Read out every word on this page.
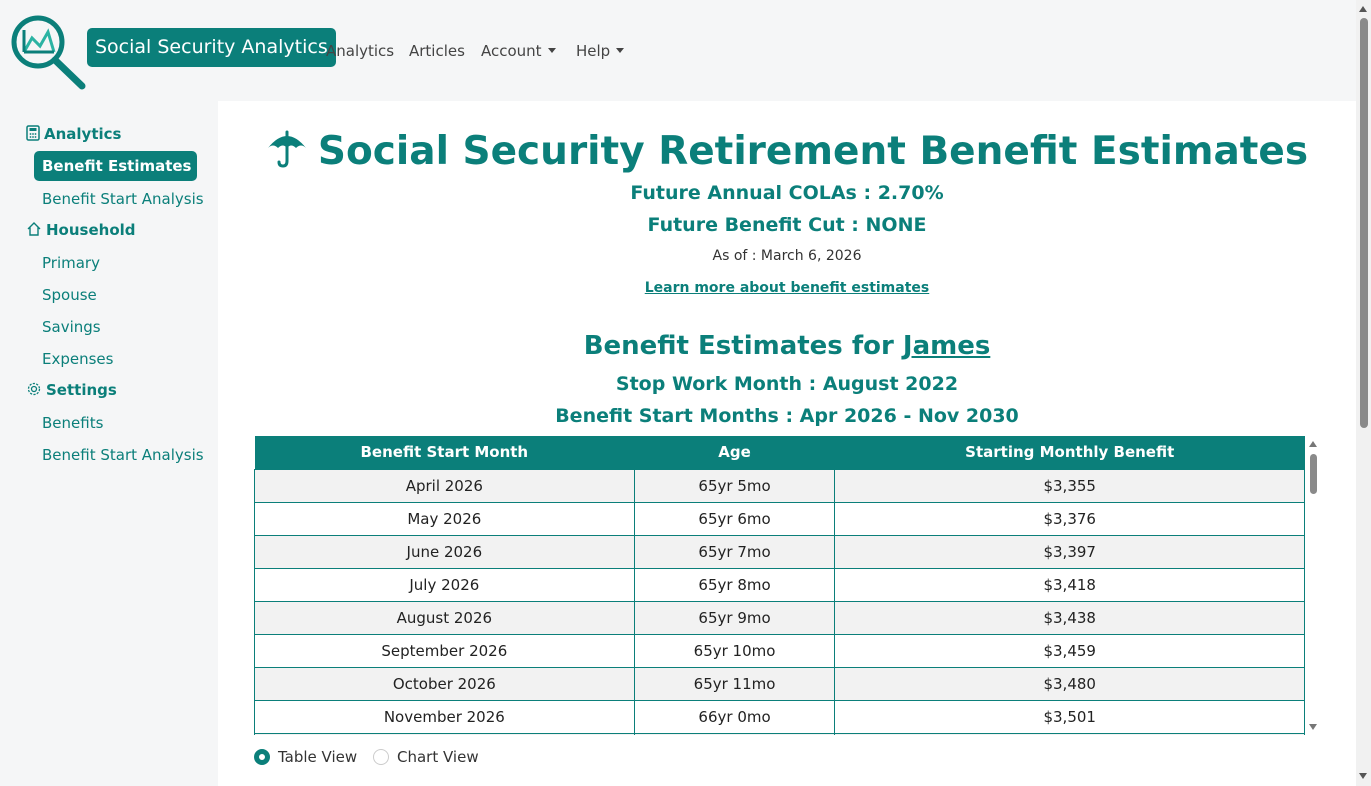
Social Security Analytics
Analytics Articles Account	Help
Analytics
Benefit Estimates
Benefit Start Analysis
Household
Primary
Spouse
Savings
Expenses
Settings
Benefits
Benefit Start Analysis
Social Security Retirement Benefit Estimates
Future Annual COLAs : 2.70%
Future Benefit Cut : NONE
As of : March 6, 2026
Learn more about benefit estimates
Benefit Estimates for James
Stop Work Month : August 2022
Benefit Start Months : Apr 2026 - Nov 2030
Benefit Start Month	Age	Starting Monthly Benefit
April 2026	65yr 5mo	$3,355
May 2026	65yr 6mo	$3,376
June 2026	65yr 7mo	$3,397
July 2026	65yr 8mo	$3,418
August 2026	65yr 9mo	$3,438
September 2026	65yr 10mo	$3,459
October 2026	65yr 11mo	$3,480
November 2026	66yr 0mo	$3,501

Table View	Chart View
